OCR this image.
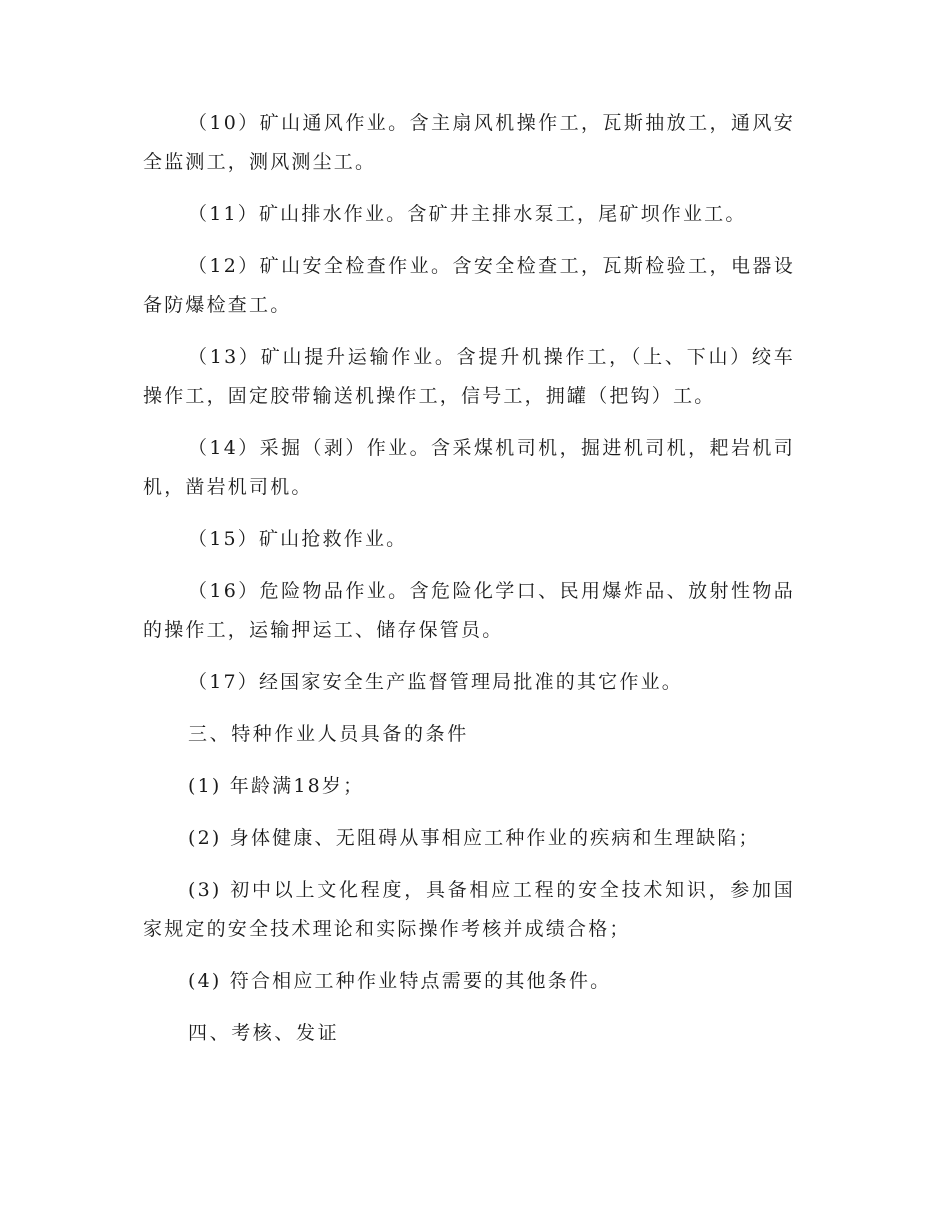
（10）矿山通风作业。含主扇风机操作工，瓦斯抽放工，通风安全监测工，测风测尘工。

（11）矿山排水作业。含矿井主排水泵工，尾矿坝作业工。

（12）矿山安全检查作业。含安全检查工，瓦斯检验工，电器设备防爆检查工。

（13）矿山提升运输作业。含提升机操作工，（上、下山）绞车操作工，固定胶带输送机操作工，信号工，拥罐（把钩）工。

（14）采掘（剥）作业。含采煤机司机，掘进机司机，耙岩机司机，凿岩机司机。

（15）矿山抢救作业。

（16）危险物品作业。含危险化学口、民用爆炸品、放射性物品的操作工，运输押运工、储存保管员。

（17）经国家安全生产监督管理局批准的其它作业。

三、特种作业人员具备的条件

(1) 年龄满18岁；

(2) 身体健康、无阻碍从事相应工种作业的疾病和生理缺陷；

(3) 初中以上文化程度，具备相应工程的安全技术知识，参加国家规定的安全技术理论和实际操作考核并成绩合格；

(4) 符合相应工种作业特点需要的其他条件。

四、考核、发证
